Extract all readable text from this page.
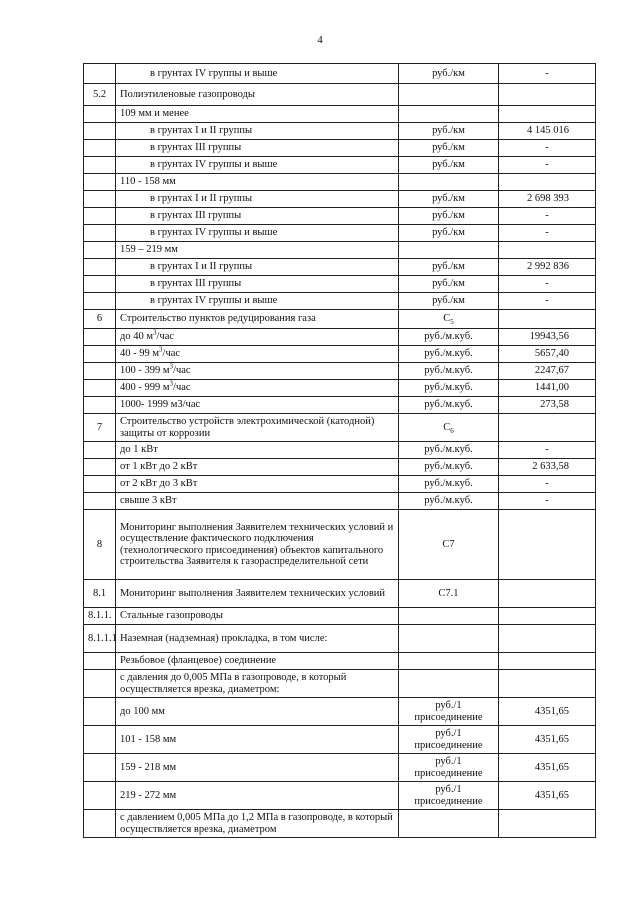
4
	в грунтах IV группы и выше	руб./км	-
5.2	Полиэтиленовые газопроводы		
	109 мм и менее		
	в грунтах I и II группы	руб./км	4 145 016
	в грунтах III группы	руб./км	-
	в грунтах IV группы и выше	руб./км	-
	110 - 158 мм		
	в грунтах I и II группы	руб./км	2 698 393
	в грунтах III группы	руб./км	-
	в грунтах IV группы и выше	руб./км	-
	159 – 219 мм		
	в грунтах I и II группы	руб./км	2 992 836
	в грунтах III группы	руб./км	-
	в грунтах IV группы и выше	руб./км	-
6	Строительство пунктов редуцирования газа	$C_5$	
	до 40 $м^3$/час	руб./м.куб.	19943,56
	40 - 99 $м^3$/час	руб./м.куб.	5657,40
	100 - 399 $м^3$/час	руб./м.куб.	2247,67
	400 - 999 $м^3$/час	руб./м.куб.	1441,00
	1000- 1999 м3/час	руб./м.куб.	273,58
7	Строительство устройств электрохимической (катодной) защиты от коррозии	$C_6$	
	до 1 кВт	руб./м.куб.	-
	от 1 кВт до 2 кВт	руб./м.куб.	2 633,58
	от 2 кВт до 3 кВт	руб./м.куб.	-
	свыше 3 кВт	руб./м.куб.	-
8	Мониторинг выполнения Заявителем технических условий и осуществление фактического подключения (технологического присоединения) объектов капитального строительства Заявителя к газораспределительной сети	C7	
8.1	Мониторинг выполнения Заявителем технических условий	C7.1	
8.1.1.	Стальные газопроводы		
8.1.1.1	Наземная (надземная) прокладка, в том числе:		
	Резьбовое (фланцевое) соединение		
	с давления до 0,005 МПа в газопроводе, в который осуществляется врезка, диаметром:		
	до 100 мм	руб./1 присоединение	4351,65
	101 - 158 мм	руб./1 присоединение	4351,65
	159 - 218 мм	руб./1 присоединение	4351,65
	219 - 272 мм	руб./1 присоединение	4351,65
	с давлением 0,005 МПа до 1,2 МПа в газопроводе, в который осуществляется врезка, диаметром		
